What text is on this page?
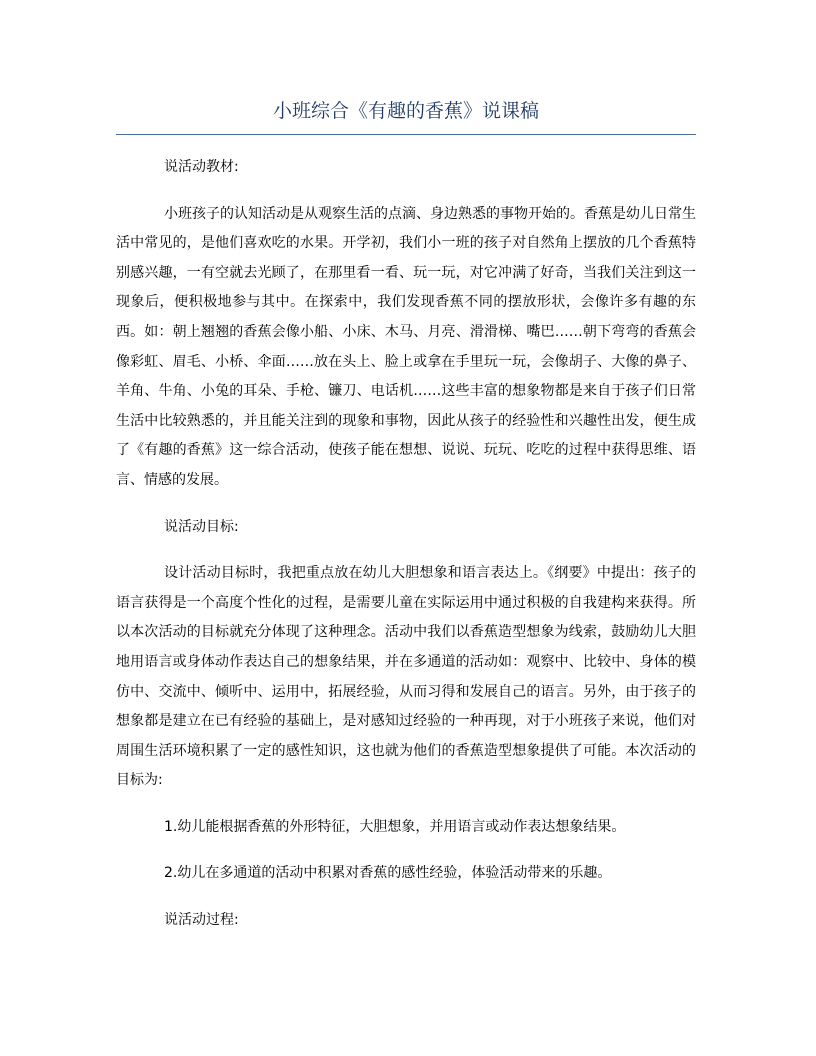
小班综合《有趣的香蕉》说课稿

说活动教材:

小班孩子的认知活动是从观察生活的点滴、身边熟悉的事物开始的。香蕉是幼儿日常生活中常见的，是他们喜欢吃的水果。开学初，我们小一班的孩子对自然角上摆放的几个香蕉特别感兴趣，一有空就去光顾了，在那里看一看、玩一玩，对它冲满了好奇，当我们关注到这一现象后，便积极地参与其中。在探索中，我们发现香蕉不同的摆放形状，会像许多有趣的东西。如：朝上翘翘的香蕉会像小船、小床、木马、月亮、滑滑梯、嘴巴……朝下弯弯的香蕉会像彩虹、眉毛、小桥、伞面……放在头上、脸上或拿在手里玩一玩，会像胡子、大像的鼻子、羊角、牛角、小兔的耳朵、手枪、镰刀、电话机……这些丰富的想象物都是来自于孩子们日常生活中比较熟悉的，并且能关注到的现象和事物，因此从孩子的经验性和兴趣性出发，便生成了《有趣的香蕉》这一综合活动，使孩子能在想想、说说、玩玩、吃吃的过程中获得思维、语言、情感的发展。

说活动目标:

设计活动目标时，我把重点放在幼儿大胆想象和语言表达上。《纲要》中提出：孩子的语言获得是一个高度个性化的过程，是需要儿童在实际运用中通过积极的自我建构来获得。所以本次活动的目标就充分体现了这种理念。活动中我们以香蕉造型想象为线索，鼓励幼儿大胆地用语言或身体动作表达自己的想象结果，并在多通道的活动如：观察中、比较中、身体的模仿中、交流中、倾听中、运用中，拓展经验，从而习得和发展自己的语言。另外，由于孩子的想象都是建立在已有经验的基础上，是对感知过经验的一种再现，对于小班孩子来说，他们对周围生活环境积累了一定的感性知识，这也就为他们的香蕉造型想象提供了可能。本次活动的目标为:

1.幼儿能根据香蕉的外形特征，大胆想象，并用语言或动作表达想象结果。

2.幼儿在多通道的活动中积累对香蕉的感性经验，体验活动带来的乐趣。

说活动过程:
